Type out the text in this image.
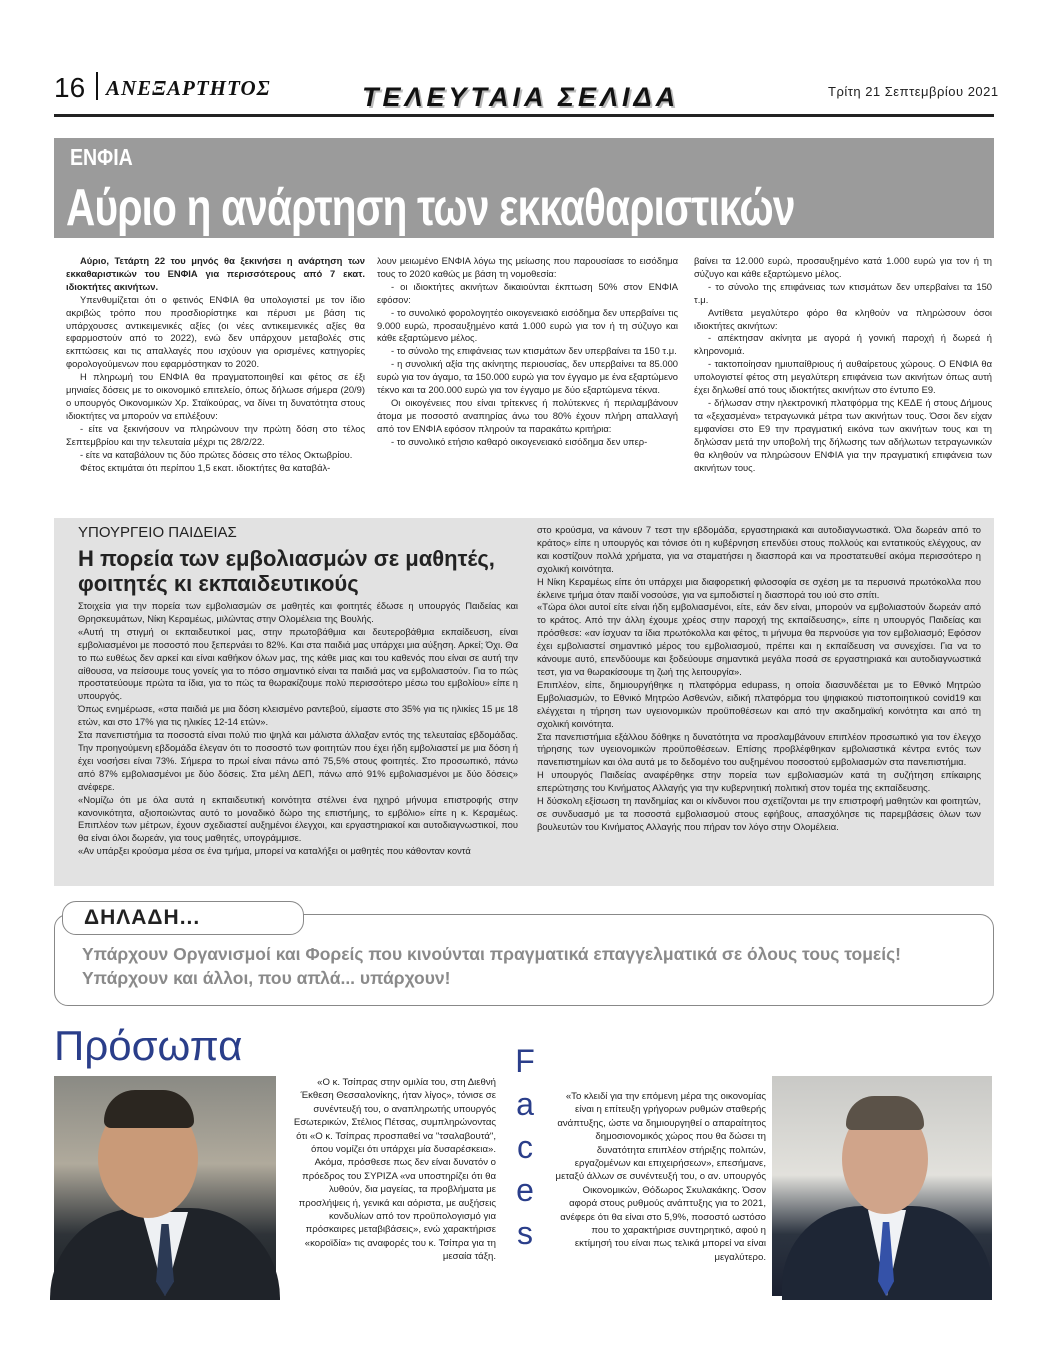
16 ΑΝΕΞΑΡΤΗΤΟΣ	ΤΕΛΕΥΤΑΙΑ ΣΕΛΙΔΑ	Τρίτη 21 Σεπτεμβρίου 2021
ΕΝΦΙΑ
Αύριο η ανάρτηση των εκκαθαριστικών

Αύριο, Τετάρτη 22 του μηνός θα ξεκινήσει η ανάρτηση των εκκαθαριστικών του ΕΝΦΙΑ για περισσότερους από 7 εκατ. ιδιοκτήτες ακινήτων.

Υπενθυμίζεται ότι ο φετινός ΕΝΦΙΑ θα υπολογιστεί με τον ίδιο ακριβώς τρόπο που προσδιορίστηκε και πέρυσι με βάση τις υπάρχουσες αντικειμενικές αξίες (οι νέες αντικειμενικές αξίες θα εφαρμοστούν από το 2022), ενώ δεν υπάρχουν μεταβολές στις εκπτώσεις και τις απαλλαγές που ισχύουν για ορισμένες κατηγορίες φορολογούμενων που εφαρμόστηκαν το 2020.

Η πληρωμή του ΕΝΦΙΑ θα πραγματοποιηθεί και φέτος σε έξι μηνιαίες δόσεις με το οικονομικό επιτελείο, όπως δήλωσε σήμερα (20/9) ο υπουργός Οικονομικών Χρ. Σταϊκούρας, να δίνει τη δυνατότητα στους ιδιοκτήτες να μπορούν να επιλέξουν:

- είτε να ξεκινήσουν να πληρώνουν την πρώτη δόση στο τέλος Σεπτεμβρίου και την τελευταία μέχρι τις 28/2/22.

- είτε να καταβάλουν τις δύο πρώτες δόσεις στο τέλος Οκτωβρίου.

Φέτος εκτιμάται ότι περίπου 1,5 εκατ. ιδιοκτήτες θα καταβάλ-

λουν μειωμένο ΕΝΦΙΑ λόγω της μείωσης που παρουσίασε το εισόδημα τους το 2020 καθώς με βάση τη νομοθεσία:

- οι ιδιοκτήτες ακινήτων δικαιούνται έκπτωση 50% στον ΕΝΦΙΑ εφόσον:

- το συνολικό φορολογητέο οικογενειακό εισόδημα δεν υπερβαίνει τις 9.000 ευρώ, προσαυξημένο κατά 1.000 ευρώ για τον ή τη σύζυγο και κάθε εξαρτώμενο μέλος.

- το σύνολο της επιφάνειας των κτισμάτων δεν υπερβαίνει τα 150 τ.μ.

- η συνολική αξία της ακίνητης περιουσίας, δεν υπερβαίνει τα 85.000 ευρώ για τον άγαμο, τα 150.000 ευρώ για τον έγγαμο με ένα εξαρτώμενο τέκνο και τα 200.000 ευρώ για τον έγγαμο με δύο εξαρτώμενα τέκνα.

Οι οικογένειες που είναι τρίτεκνες ή πολύτεκνες ή περιλαμβάνουν άτομα με ποσοστό αναπηρίας άνω του 80% έχουν πλήρη απαλλαγή από τον ΕΝΦΙΑ εφόσον πληρούν τα παρακάτω κριτήρια:

- το συνολικό ετήσιο καθαρό οικογενειακό εισόδημα δεν υπερ-

βαίνει τα 12.000 ευρώ, προσαυξημένο κατά 1.000 ευρώ για τον ή τη σύζυγο και κάθε εξαρτώμενο μέλος.

- το σύνολο της επιφάνειας των κτισμάτων δεν υπερβαίνει τα 150 τ.μ.

Αντίθετα μεγαλύτερο φόρο θα κληθούν να πληρώσουν όσοι ιδιοκτήτες ακινήτων:

- απέκτησαν ακίνητα με αγορά ή γονική παροχή ή δωρεά ή κληρονομιά.

- τακτοποίησαν ημιυπαίθριους ή αυθαίρετους χώρους. Ο ΕΝΦΙΑ θα υπολογιστεί φέτος στη μεγαλύτερη επιφάνεια των ακινήτων όπως αυτή έχει δηλωθεί από τους ιδιοκτήτες ακινήτων στο έντυπο Ε9.

- δήλωσαν στην ηλεκτρονική πλατφόρμα της ΚΕΔΕ ή στους Δήμους τα «ξεχασμένα» τετραγωνικά μέτρα των ακινήτων τους. Όσοι δεν είχαν εμφανίσει στο Ε9 την πραγματική εικόνα των ακινήτων τους και τη δηλώσαν μετά την υποβολή της δήλωσης των αδήλωτων τετραγωνικών θα κληθούν να πληρώσουν ΕΝΦΙΑ για την πραγματική επιφάνεια των ακινήτων τους.

ΥΠΟΥΡΓΕΙΟ ΠΑΙΔΕΙΑΣ
Η πορεία των εμβολιασμών σε μαθητές, φοιτητές κι εκπαιδευτικούς

Στοιχεία για την πορεία των εμβολιασμών σε μαθητές και φοιτητές έδωσε η υπουργός Παιδείας και Θρησκευμάτων, Νίκη Κεραμέως, μιλώντας στην Ολομέλεια της Βουλής.

«Αυτή τη στιγμή οι εκπαιδευτικοί μας, στην πρωτοβάθμια και δευτεροβάθμια εκπαίδευση, είναι εμβολιασμένοι με ποσοστό που ξεπερνάει το 82%. Και στα παιδιά μας υπάρχει μια αύξηση. Αρκεί; Όχι. Θα το πω ευθέως δεν αρκεί και είναι καθήκον όλων μας, της κάθε μιας και του καθενός που είναι σε αυτή την αίθουσα, να πείσουμε τους γονείς για το πόσο σημαντικό είναι τα παιδιά μας να εμβολιαστούν. Για το πώς προστατεύουμε πρώτα τα ίδια, για το πώς τα θωρακίζουμε πολύ περισσότερο μέσω του εμβολίου» είπε η υπουργός.

Όπως ενημέρωσε, «στα παιδιά με μια δόση κλεισμένο ραντεβού, είμαστε στο 35% για τις ηλικίες 15 με 18 ετών, και στο 17% για τις ηλικίες 12-14 ετών».

Στα πανεπιστήμια τα ποσοστά είναι πολύ πιο ψηλά και μάλιστα άλλαξαν εντός της τελευταίας εβδομάδας. Την προηγούμενη εβδομάδα έλεγαν ότι το ποσοστό των φοιτητών που έχει ήδη εμβολιαστεί με μια δόση ή έχει νοσήσει είναι 73%. Σήμερα το πρωί είναι πάνω από 75,5% στους φοιτητές. Στο προσωπικό, πάνω από 87% εμβολιασμένοι με δύο δόσεις. Στα μέλη ΔΕΠ, πάνω από 91% εμβολιασμένοι με δύο δόσεις» ανέφερε.

«Νομίζω ότι με όλα αυτά η εκπαιδευτική κοινότητα στέλνει ένα ηχηρό μήνυμα επιστροφής στην κανονικότητα, αξιοποιώντας αυτό το μοναδικό δώρο της επιστήμης, το εμβόλιο» είπε η κ. Κεραμέως. Επιπλέον των μέτρων, έχουν σχεδιαστεί αυξημένοι έλεγχοι, και εργαστηριακοί και αυτοδιαγνωστικοί, που θα είναι όλοι δωρεάν, για τους μαθητές, υπογράμμισε.

«Αν υπάρξει κρούσμα μέσα σε ένα τμήμα, μπορεί να καταλήξει οι μαθητές που κάθονταν κοντά

στο κρούσμα, να κάνουν 7 τεστ την εβδομάδα, εργαστηριακά και αυτοδιαγνωστικά. Όλα δωρεάν από το κράτος» είπε η υπουργός και τόνισε ότι η κυβέρνηση επενδύει στους πολλούς και εντατικούς ελέγχους, αν και κοστίζουν πολλά χρήματα, για να σταματήσει η διασπορά και να προστατευθεί ακόμα περισσότερο η σχολική κοινότητα.

Η Νίκη Κεραμέως είπε ότι υπάρχει μια διαφορετική φιλοσοφία σε σχέση με τα περυσινά πρωτόκολλα που έκλεινε τμήμα όταν παιδί νοσούσε, για να εμποδιστεί η διασπορά του ιού στο σπίτι.

«Τώρα όλοι αυτοί είτε είναι ήδη εμβολιασμένοι, είτε, εάν δεν είναι, μπορούν να εμβολιαστούν δωρεάν από το κράτος. Από την άλλη έχουμε χρέος στην παροχή της εκπαίδευσης», είπε η υπουργός Παιδείας και πρόσθεσε: «αν ίσχυαν τα ίδια πρωτόκολλα και φέτος, τι μήνυμα θα περνούσε για τον εμβολιασμό; Εφόσον έχει εμβολιαστεί σημαντικό μέρος του εμβολιασμού, πρέπει και η εκπαίδευση να συνεχίσει. Για να το κάνουμε αυτό, επενδύουμε και ξοδεύουμε σημαντικά μεγάλα ποσά σε εργαστηριακά και αυτοδιαγνωστικά τεστ, για να θωρακίσουμε τη ζωή της λειτουργία».

Επιπλέον, είπε, δημιουργήθηκε η πλατφόρμα edupass, η οποία διασυνδέεται με το Εθνικό Μητρώο Εμβολιασμών, το Εθνικό Μητρώο Ασθενών, ειδική πλατφόρμα του ψηφιακού πιστοποιητικού covid19 και ελέγχεται η τήρηση των υγειονομικών προϋποθέσεων και από την ακαδημαϊκή κοινότητα και από τη σχολική κοινότητα.

Στα πανεπιστήμια εξάλλου δόθηκε η δυνατότητα να προσλαμβάνουν επιπλέον προσωπικό για τον έλεγχο τήρησης των υγειονομικών προϋποθέσεων. Επίσης προβλέφθηκαν εμβολιαστικά κέντρα εντός των πανεπιστημίων και όλα αυτά με το δεδομένο του αυξημένου ποσοστού εμβολιασμών στα πανεπιστήμια.

Η υπουργός Παιδείας αναφέρθηκε στην πορεία των εμβολιασμών κατά τη συζήτηση επίκαιρης επερώτησης του Κινήματος Αλλαγής για την κυβερνητική πολιτική στον τομέα της εκπαίδευσης.

Η δύσκολη εξίσωση τη πανδημίας και οι κίνδυνοι που σχετίζονται με την επιστροφή μαθητών και φοιτητών, σε συνδυασμό με τα ποσοστά εμβολιασμού στους εφήβους, απασχόλησε τις παρεμβάσεις όλων των βουλευτών του Κινήματος Αλλαγής που πήραν τον λόγο στην Ολομέλεια.

ΔΗΛΑΔΗ...
Υπάρχουν Οργανισμοί και Φορείς που κινούνται πραγματικά επαγγελματικά σε όλους τους τομείς! Υπάρχουν και άλλοι, που απλά... υπάρχουν!
Πρόσωπα
«Ο κ. Τσίπρας στην ομιλία του, στη Διεθνή Έκθεση Θεσσαλονίκης, ήταν λίγος», τόνισε σε συνέντευξή του, ο αναπληρωτής υπουργός Εσωτερικών, Στέλιος Πέτσας, συμπληρώνοντας ότι «Ο κ. Τσίπρας προσπαθεί να "τσαλαβουτά", όπου νομίζει ότι υπάρχει μία δυσαρέσκεια». Ακόμα, πρόσθεσε πως δεν είναι δυνατόν ο πρόεδρος του ΣΥΡΙΖΑ «να υποστηρίζει ότι θα λυθούν, δια μαγείας, τα προβλήματα με προσλήψεις ή, γενικά και αόριστα, με αυξήσεις κονδυλίων από τον προϋπολογισμό για πρόσκαιρες μεταβιβάσεις», ενώ χαρακτήρισε «κοροϊδία» τις αναφορές του κ. Τσίπρα για τη μεσαία τάξη.
F
a
c
e
s
«Το κλειδί για την επόμενη μέρα της οικονομίας είναι η επίτευξη γρήγορων ρυθμών σταθερής ανάπτυξης, ώστε να δημιουργηθεί ο απαραίτητος δημοσιονομικός χώρος που θα δώσει τη δυνατότητα επιπλέον στήριξης πολιτών, εργαζομένων και επιχειρήσεων», επεσήμανε, μεταξύ άλλων σε συνέντευξή του, ο αν. υπουργός Οικονομικών, Θόδωρος Σκυλακάκης. Όσον αφορά στους ρυθμούς ανάπτυξης για το 2021, ανέφερε ότι θα είναι στο 5,9%, ποσοστό ωστόσο που το χαρακτήρισε συντηρητικό, αφού η εκτίμησή του είναι πως τελικά μπορεί να είναι μεγαλύτερο.
